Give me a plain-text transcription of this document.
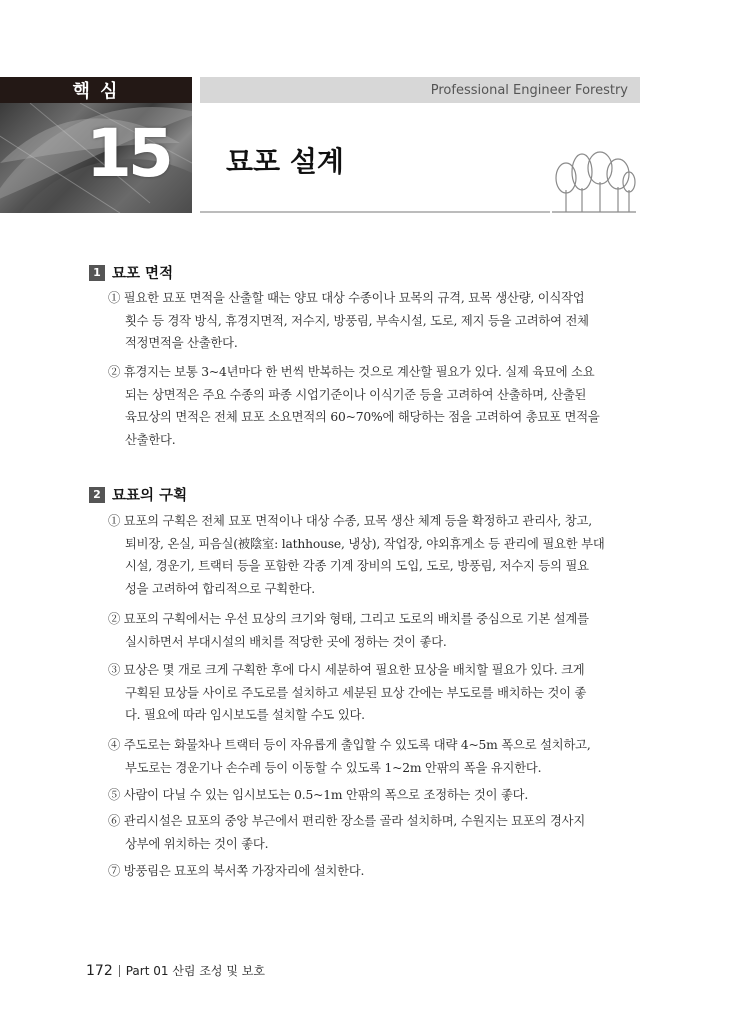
핵 심
15
Professional Engineer Forestry
묘포 설계
1 묘포 면적
① 필요한 묘포 면적을 산출할 때는 양묘 대상 수종이나 묘목의 규격, 묘목 생산량, 이식작업
횟수 등 경작 방식, 휴경지면적, 저수지, 방풍림, 부속시설, 도로, 제지 등을 고려하여 전체
적정면적을 산출한다.
② 휴경지는 보통 3~4년마다 한 번씩 반복하는 것으로 계산할 필요가 있다. 실제 육묘에 소요
되는 상면적은 주요 수종의 파종 시업기준이나 이식기준 등을 고려하여 산출하며, 산출된
육묘상의 면적은 전체 묘포 소요면적의 60~70%에 해당하는 점을 고려하여 총묘포 면적을
산출한다.
2 묘표의 구획
① 묘포의 구획은 전체 묘포 면적이나 대상 수종, 묘목 생산 체계 등을 확정하고 관리사, 창고,
퇴비장, 온실, 피음실(被陰室: lathhouse, 냉상), 작업장, 야외휴게소 등 관리에 필요한 부대
시설, 경운기, 트랙터 등을 포함한 각종 기계 장비의 도입, 도로, 방풍림, 저수지 등의 필요
성을 고려하여 합리적으로 구획한다.
② 묘포의 구획에서는 우선 묘상의 크기와 형태, 그리고 도로의 배치를 중심으로 기본 설계를
실시하면서 부대시설의 배치를 적당한 곳에 정하는 것이 좋다.
③ 묘상은 몇 개로 크게 구획한 후에 다시 세분하여 필요한 묘상을 배치할 필요가 있다. 크게
구획된 묘상들 사이로 주도로를 설치하고 세분된 묘상 간에는 부도로를 배치하는 것이 좋
다. 필요에 따라 임시보도를 설치할 수도 있다.
④ 주도로는 화물차나 트랙터 등이 자유롭게 출입할 수 있도록 대략 4~5m 폭으로 설치하고,
부도로는 경운기나 손수레 등이 이동할 수 있도록 1~2m 안팎의 폭을 유지한다.
⑤ 사람이 다닐 수 있는 임시보도는 0.5~1m 안팎의 폭으로 조정하는 것이 좋다.
⑥ 관리시설은 묘포의 중앙 부근에서 편리한 장소를 골라 설치하며, 수원지는 묘포의 경사지
상부에 위치하는 것이 좋다.
⑦ 방풍림은 묘포의 북서쪽 가장자리에 설치한다.
172 Part 01 산림 조성 및 보호
